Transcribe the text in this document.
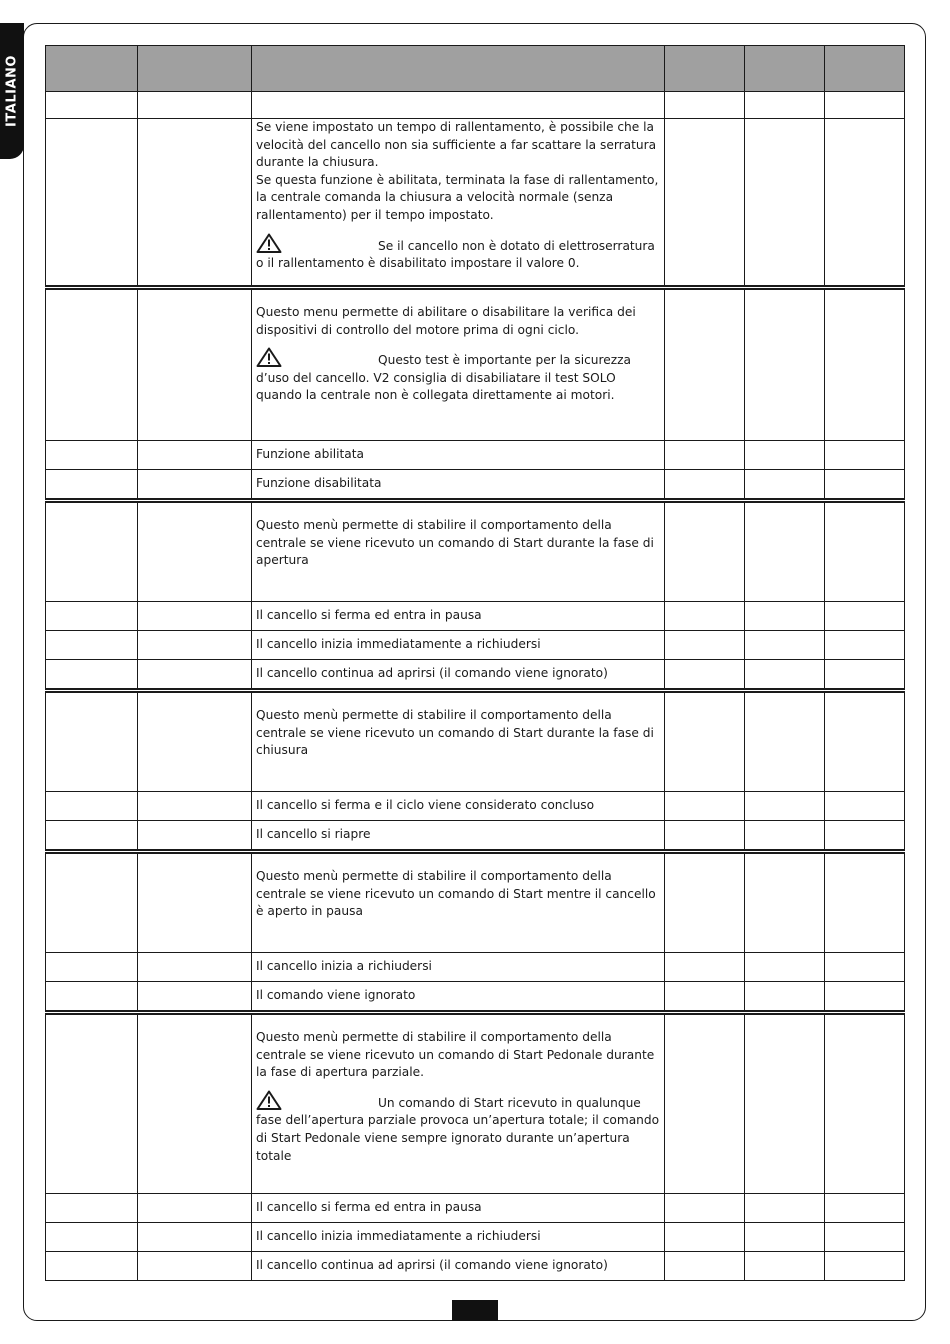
ITALIANO

		Se viene impostato un tempo di rallentamento, è possibile che la velocità del cancello non sia sufficiente a far scattare la serratura durante la chiusura.

Se questa funzione è abilitata, terminata la fase di rallentamento, la centrale comanda la chiusura a velocità normale (senza rallentamento) per il tempo impostato.

Se il cancello non è dotato di elettroserratura o il rallentamento è disabilitato impostare il valore 0.			

		Questo menu permette di abilitare o disabilitare la verifica dei dispositivi di controllo del motore prima di ogni ciclo.

Questo test è importante per la sicurezza d’uso del cancello. V2 consiglia di disabiliatare il test SOLO quando la centrale non è collegata direttamente ai motori.			

		Funzione abilitata			
		Funzione disabilitata			

		Questo menù permette di stabilire il comportamento della centrale se viene ricevuto un comando di Start durante la fase di apertura			

		Il cancello si ferma ed entra in pausa			
		Il cancello inizia immediatamente a richiudersi			
		Il cancello continua ad aprirsi (il comando viene ignorato)			

		Questo menù permette di stabilire il comportamento della centrale se viene ricevuto un comando di Start durante la fase di chiusura			

		Il cancello si ferma e il ciclo viene considerato concluso			
		Il cancello si riapre			

		Questo menù permette di stabilire il comportamento della centrale se viene ricevuto un comando di Start mentre il cancello è aperto in pausa			

		Il cancello inizia a richiudersi			
		Il comando viene ignorato			

		Questo menù permette di stabilire il comportamento della centrale se viene ricevuto un comando di Start Pedonale durante la fase di apertura parziale.

Un comando di Start ricevuto in qualunque fase dell’apertura parziale provoca un’apertura totale; il comando di Start Pedonale viene sempre ignorato durante un’apertura totale			

		Il cancello si ferma ed entra in pausa			
		Il cancello inizia immediatamente a richiudersi			
		Il cancello continua ad aprirsi (il comando viene ignorato)			
